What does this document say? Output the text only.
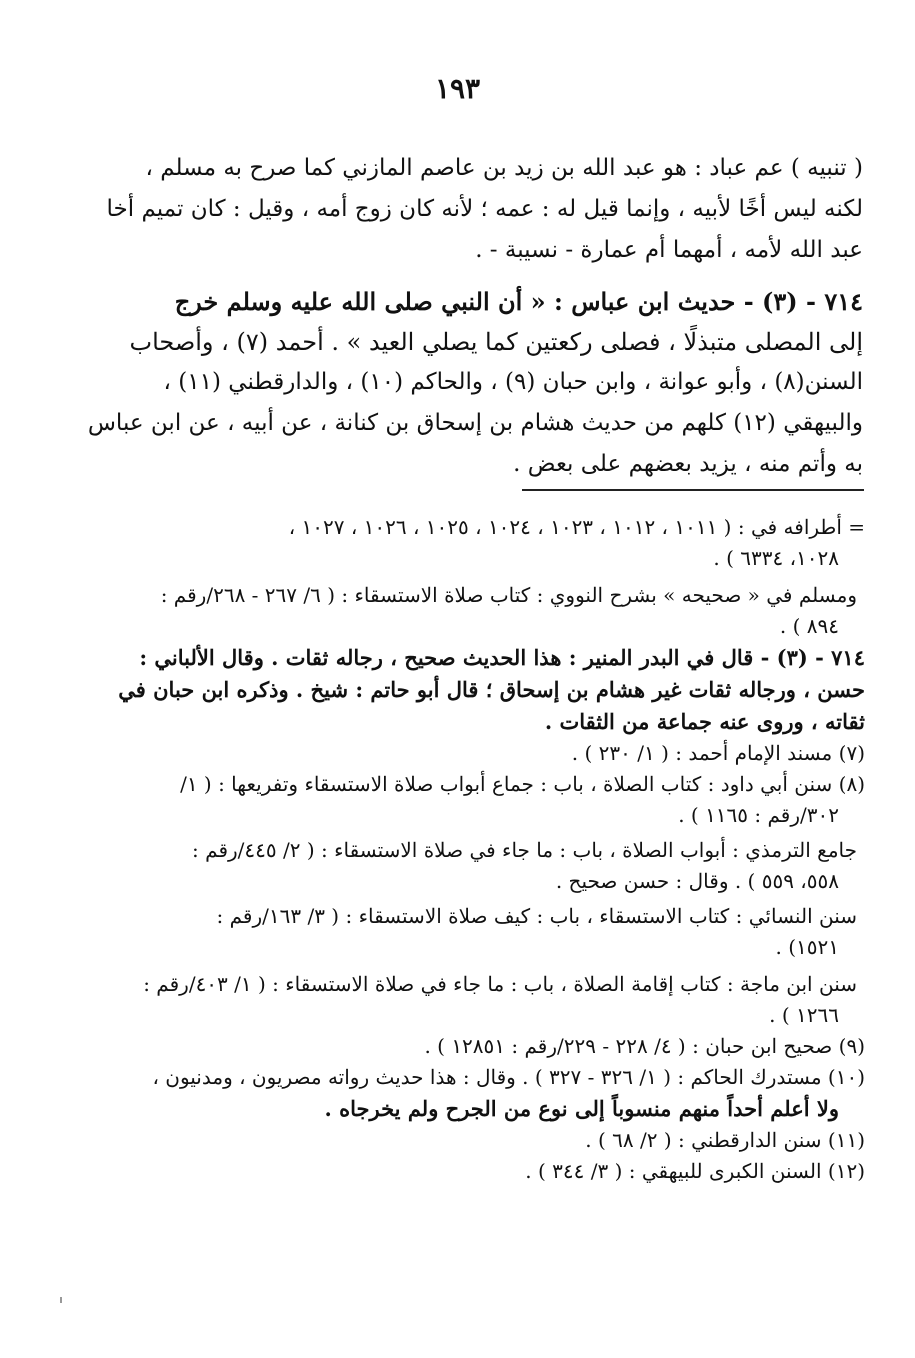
١٩٣
( تنبيه ) عم عباد : هو عبد الله بن زيد بن عاصم المازني كما صرح به مسلم ،
لكنه ليس أخًا لأبيه ، وإنما قيل له : عمه ؛ لأنه كان زوج أمه ، وقيل : كان تميم أخا
عبد الله لأمه ، أمهما أم عمارة - نسيبة - .
٧١٤ - (٣) - حديث ابن عباس : « أن النبي صلى الله عليه وسلم خرج
إلى المصلى متبذلًا ، فصلى ركعتين كما يصلي العيد » . أحمد (٧) ، وأصحاب
السنن(٨) ، وأبو عوانة ، وابن حبان (٩) ، والحاكم (١٠) ، والدارقطني (١١) ،
والبيهقي (١٢) كلهم من حديث هشام بن إسحاق بن كنانة ، عن أبيه ، عن ابن عباس
به وأتم منه ، يزيد بعضهم على بعض .
= أطرافه في : ( ١٠١١ ، ١٠١٢ ، ١٠٢٣ ، ١٠٢٤ ، ١٠٢٥ ، ١٠٢٦ ، ١٠٢٧ ،
١٠٢٨، ٦٣٣٤ ) .
ومسلم في « صحيحه » بشرح النووي : كتاب صلاة الاستسقاء : ( ٦/ ٢٦٧ - ٢٦٨/رقم :
٨٩٤ ) .
٧١٤ - (٣) - قال في البدر المنير : هذا الحديث صحيح ، رجاله ثقات . وقال الألباني :
حسن ، ورجاله ثقات غير هشام بن إسحاق ؛ قال أبو حاتم : شيخ . وذكره ابن حبان في
ثقاته ، وروى عنه جماعة من الثقات .
(٧) مسند الإمام أحمد : ( ١/ ٢٣٠ ) .
(٨) سنن أبي داود : كتاب الصلاة ، باب : جماع أبواب صلاة الاستسقاء وتفريعها : ( ١/
٣٠٢/رقم : ١١٦٥ ) .
جامع الترمذي : أبواب الصلاة ، باب : ما جاء في صلاة الاستسقاء : ( ٢/ ٤٤٥/رقم :
٥٥٨، ٥٥٩ ) . وقال : حسن صحيح .
سنن النسائي : كتاب الاستسقاء ، باب : كيف صلاة الاستسقاء : ( ٣/ ١٦٣/رقم :
١٥٢١) .
سنن ابن ماجة : كتاب إقامة الصلاة ، باب : ما جاء في صلاة الاستسقاء : ( ١/ ٤٠٣/رقم :
١٢٦٦ ) .
(٩) صحيح ابن حبان : ( ٤/ ٢٢٨ - ٢٢٩/رقم : ١٢٨٥١ ) .
(١٠) مستدرك الحاكم : ( ١/ ٣٢٦ - ٣٢٧ ) . وقال : هذا حديث رواته مصريون ، ومدنيون ،
ولا أعلم أحداً منهم منسوباً إلى نوع من الجرح ولم يخرجاه .
(١١) سنن الدارقطني : ( ٢/ ٦٨ ) .
(١٢) السنن الكبرى للبيهقي : ( ٣/ ٣٤٤ ) .
